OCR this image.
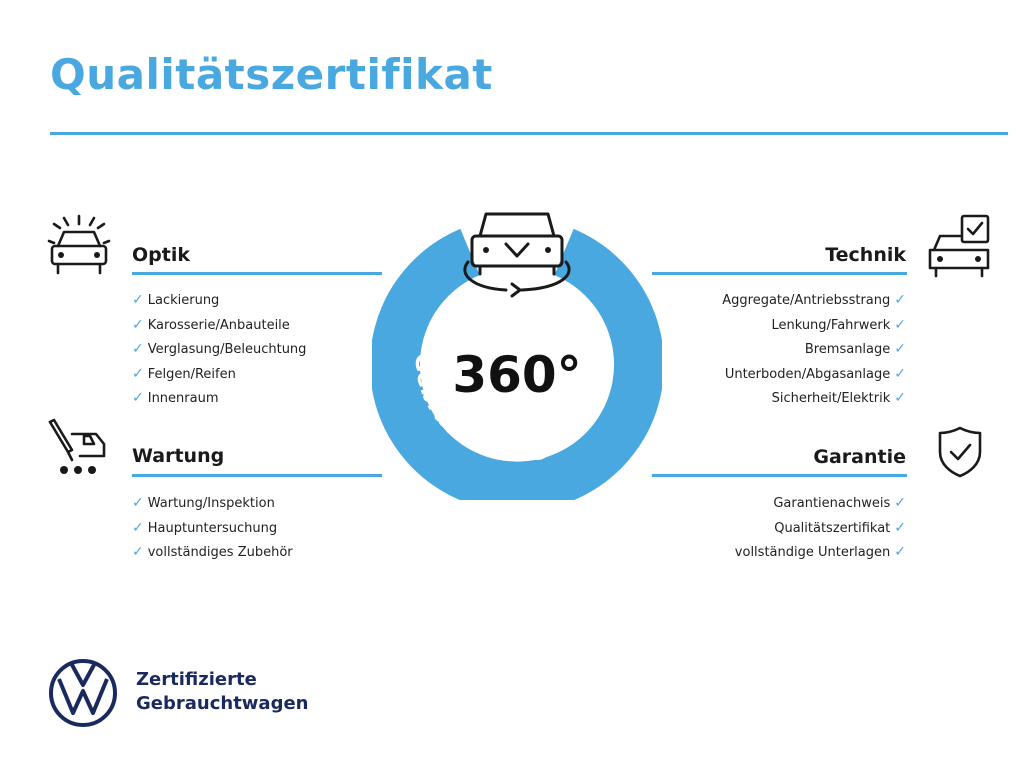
Qualitätszertifikat
Optik
✓ Lackierung
✓ Karosserie/Anbauteile
✓ Verglasung/Beleuchtung
✓ Felgen/Reifen
✓ Innenraum
Wartung
✓ Wartung/Inspektion
✓ Hauptuntersuchung
✓ vollständiges Zubehör
Technik
Aggregate/Antriebsstrang ✓
Lenkung/Fahrwerk ✓
Bremsanlage ✓
Unterboden/Abgasanlage ✓
Sicherheit/Elektrik ✓
Garantie
Garantienachweis ✓
Qualitätszertifikat ✓
vollständige Unterlagen ✓
360°
Gebrauchtwagen-Check
Zertifizierte
Gebrauchtwagen
